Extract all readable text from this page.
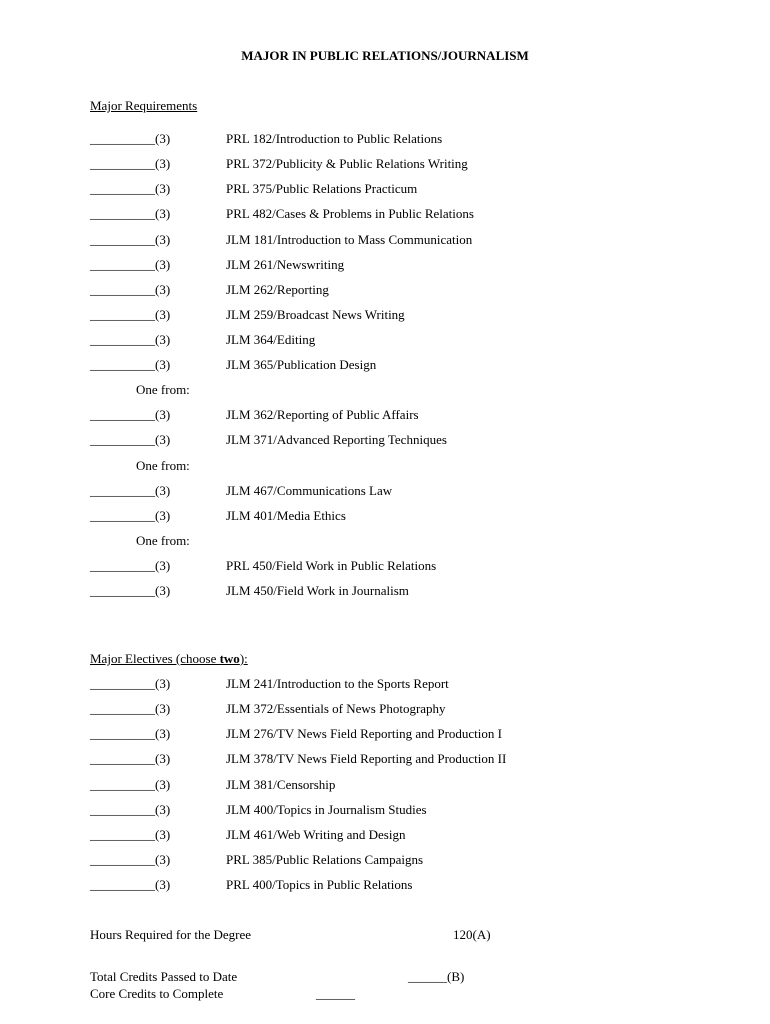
MAJOR IN PUBLIC RELATIONS/JOURNALISM
Major Requirements
__________(3)	PRL 182/Introduction to Public Relations
__________(3)	PRL 372/Publicity & Public Relations Writing
__________(3)	PRL 375/Public Relations Practicum
__________(3)	PRL 482/Cases & Problems in Public Relations
__________(3)	JLM 181/Introduction to Mass Communication
__________(3)	JLM 261/Newswriting
__________(3)	JLM 262/Reporting
__________(3)	JLM 259/Broadcast News Writing
__________(3)	JLM 364/Editing
__________(3)	JLM 365/Publication Design
One from:
__________(3)	JLM 362/Reporting of Public Affairs
__________(3)	JLM 371/Advanced Reporting Techniques
One from:
__________(3)	JLM 467/Communications Law
__________(3)	JLM 401/Media Ethics
One from:
__________(3)	PRL 450/Field Work in Public Relations
__________(3)	JLM 450/Field Work in Journalism
Major Electives (choose two):
__________(3)	JLM 241/Introduction to the Sports Report
__________(3)	JLM 372/Essentials of News Photography
__________(3)	JLM 276/TV News Field Reporting and Production I
__________(3)	JLM 378/TV News Field Reporting and Production II
__________(3)	JLM 381/Censorship
__________(3)	JLM 400/Topics in Journalism Studies
__________(3)	JLM 461/Web Writing and Design
__________(3)	PRL 385/Public Relations Campaigns
__________(3)	PRL 400/Topics in Public Relations
Hours Required for the Degree	120(A)
Total Credits Passed to Date	______(B)
Core Credits to Complete	______
